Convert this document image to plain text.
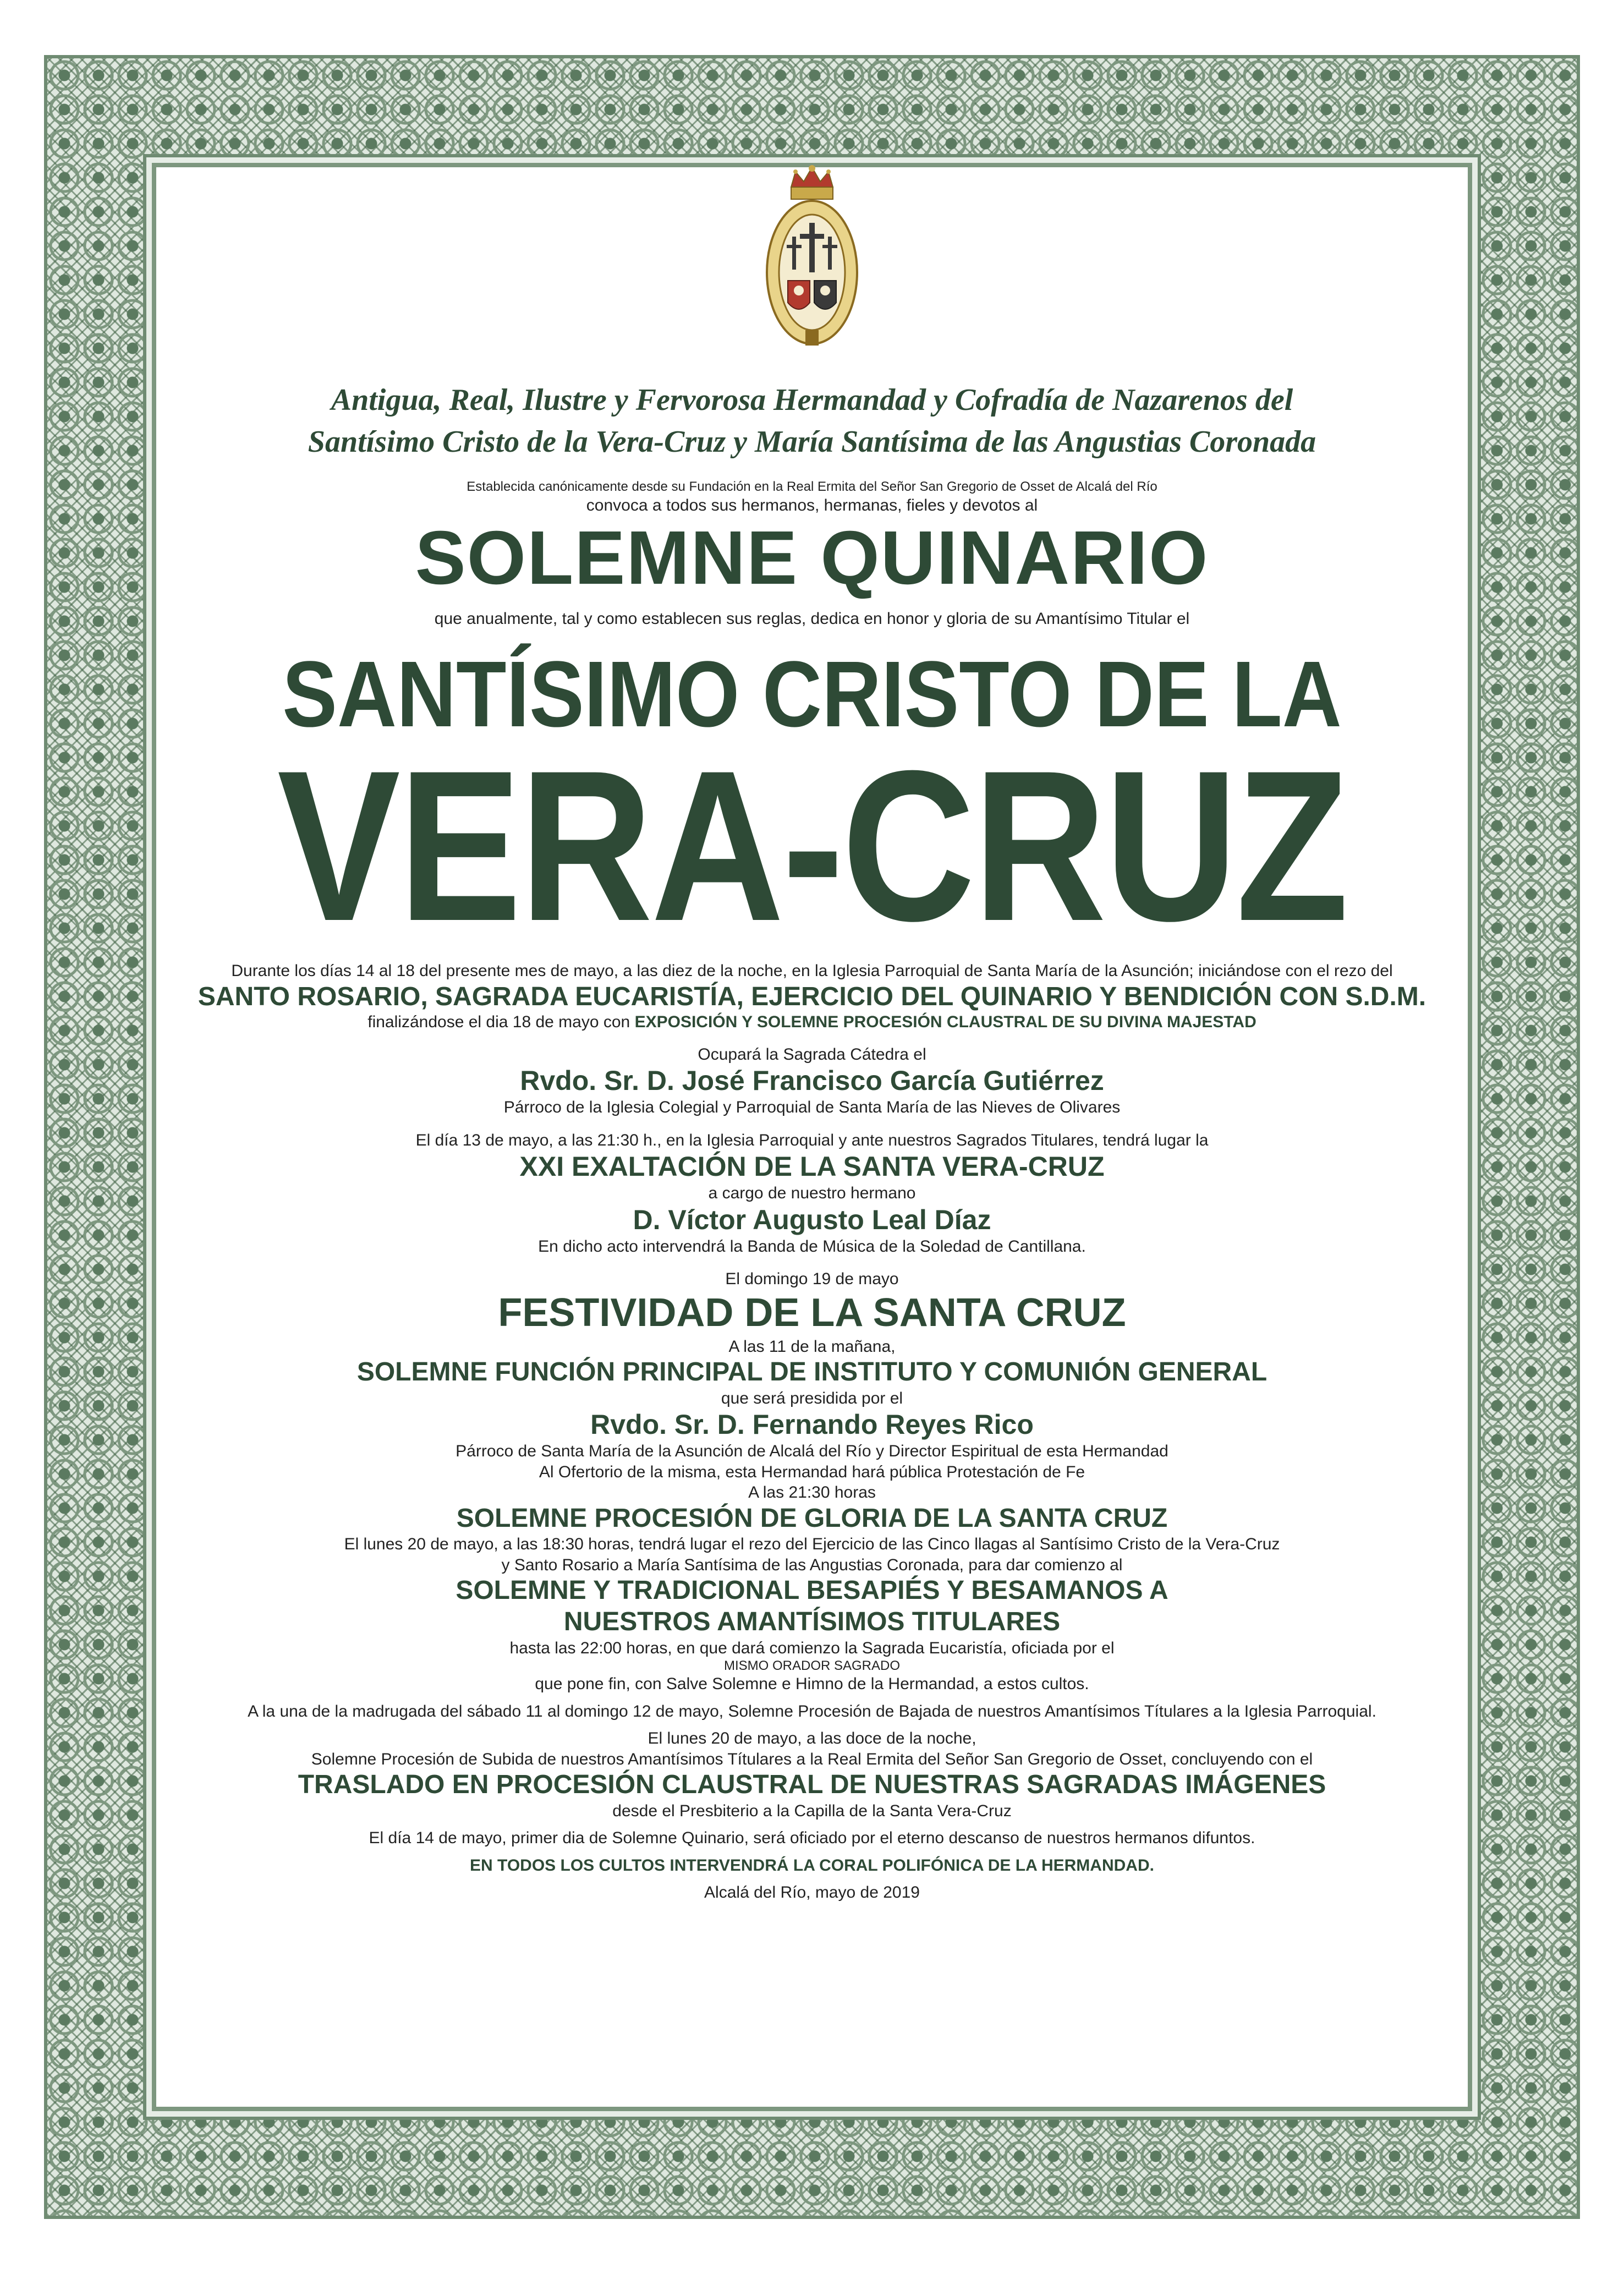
Antigua, Real, Ilustre y Fervorosa Hermandad y Cofradía de Nazarenos del
Santísimo Cristo de la Vera-Cruz y María Santísima de las Angustias Coronada
Establecida canónicamente desde su Fundación en la Real Ermita del Señor San Gregorio de Osset de Alcalá del Río
convoca a todos sus hermanos, hermanas, fieles y devotos al
SOLEMNE QUINARIO
que anualmente, tal y como establecen sus reglas, dedica en honor y gloria de su Amantísimo Titular el
SANTÍSIMO CRISTO DE LA
VERA-CRUZ
Durante los días 14 al 18 del presente mes de mayo, a las diez de la noche, en la Iglesia Parroquial de Santa María de la Asunción; iniciándose con el rezo del
SANTO ROSARIO, SAGRADA EUCARISTÍA, EJERCICIO DEL QUINARIO Y BENDICIÓN CON S.D.M.
finalizándose el dia 18 de mayo con EXPOSICIÓN Y SOLEMNE PROCESIÓN CLAUSTRAL DE SU DIVINA MAJESTAD
Ocupará la Sagrada Cátedra el
Rvdo. Sr. D. José Francisco García Gutiérrez
Párroco de la Iglesia Colegial y Parroquial de Santa María de las Nieves de Olivares
El día 13 de mayo, a las 21:30 h., en la Iglesia Parroquial y ante nuestros Sagrados Titulares, tendrá lugar la
XXI EXALTACIÓN DE LA SANTA VERA-CRUZ
a cargo de nuestro hermano
D. Víctor Augusto Leal Díaz
En dicho acto intervendrá la Banda de Música de la Soledad de Cantillana.
El domingo 19 de mayo
FESTIVIDAD DE LA SANTA CRUZ
A las 11 de la mañana,
SOLEMNE FUNCIÓN PRINCIPAL DE INSTITUTO Y COMUNIÓN GENERAL
que será presidida por el
Rvdo. Sr. D. Fernando Reyes Rico
Párroco de Santa María de la Asunción de Alcalá del Río y Director Espiritual de esta Hermandad
Al Ofertorio de la misma, esta Hermandad hará pública Protestación de Fe
A las 21:30 horas
SOLEMNE PROCESIÓN DE GLORIA DE LA SANTA CRUZ
El lunes 20 de mayo, a las 18:30 horas, tendrá lugar el rezo del Ejercicio de las Cinco llagas al Santísimo Cristo de la Vera-Cruz
y Santo Rosario a María Santísima de las Angustias Coronada, para dar comienzo al
SOLEMNE Y TRADICIONAL BESAPIÉS Y BESAMANOS A
NUESTROS AMANTÍSIMOS TITULARES
hasta las 22:00 horas, en que dará comienzo la Sagrada Eucaristía, oficiada por el
MISMO ORADOR SAGRADO
que pone fin, con Salve Solemne e Himno de la Hermandad, a estos cultos.
A la una de la madrugada del sábado 11 al domingo 12 de mayo, Solemne Procesión de Bajada de nuestros Amantísimos Títulares a la Iglesia Parroquial.
El lunes 20 de mayo, a las doce de la noche,
Solemne Procesión de Subida de nuestros Amantísimos Títulares a la Real Ermita del Señor San Gregorio de Osset, concluyendo con el
TRASLADO EN PROCESIÓN CLAUSTRAL DE NUESTRAS SAGRADAS IMÁGENES
desde el Presbiterio a la Capilla de la Santa Vera-Cruz
El día 14 de mayo, primer dia de Solemne Quinario, será oficiado por el eterno descanso de nuestros hermanos difuntos.
EN TODOS LOS CULTOS INTERVENDRÁ LA CORAL POLIFÓNICA DE LA HERMANDAD.
Alcalá del Río, mayo de 2019
